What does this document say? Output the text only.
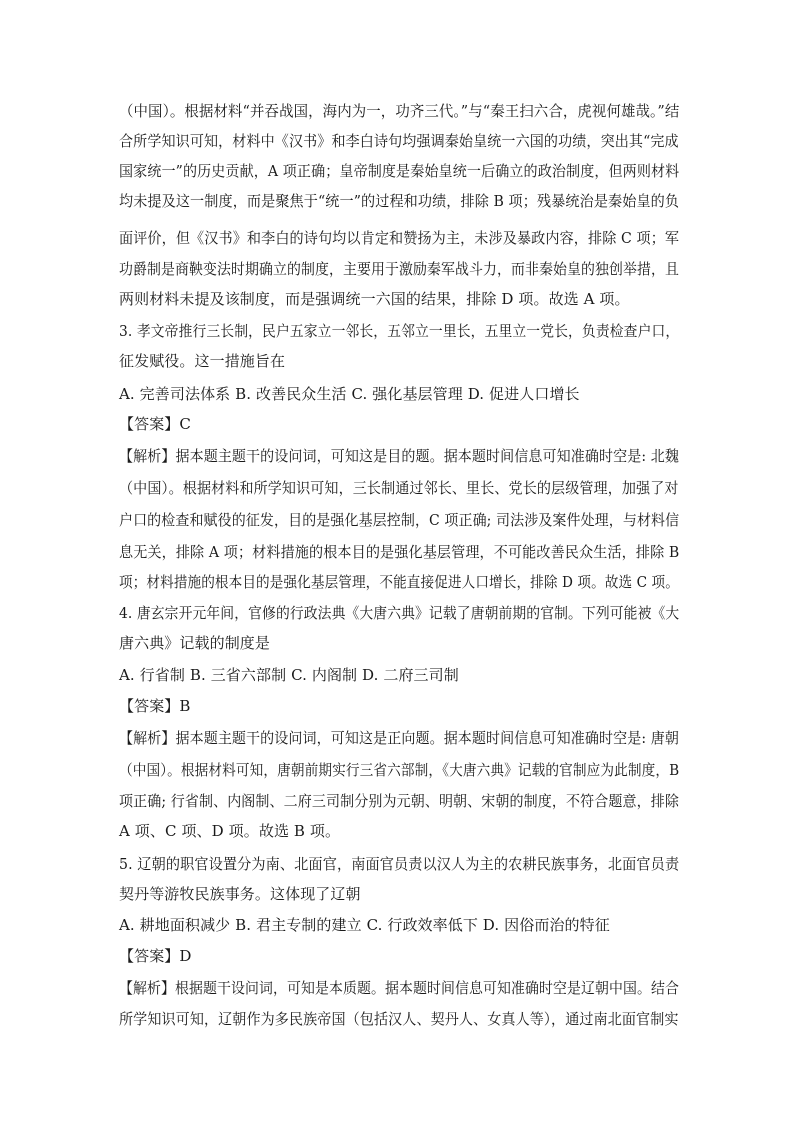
（中国）。根据材料“并吞战国，海内为一，功齐三代。”与“秦王扫六合，虎视何雄哉。”结
合所学知识可知，材料中《汉书》和李白诗句均强调秦始皇统一六国的功绩，突出其“完成
国家统一”的历史贡献，A 项正确；皇帝制度是秦始皇统一后确立的政治制度，但两则材料
均未提及这一制度，而是聚焦于“统一”的过程和功绩，排除 B 项；残暴统治是秦始皇的负
面评价，但《汉书》和李白的诗句均以肯定和赞扬为主，未涉及暴政内容，排除 C 项；军
功爵制是商鞅变法时期确立的制度，主要用于激励秦军战斗力，而非秦始皇的独创举措，且
两则材料未提及该制度，而是强调统一六国的结果，排除 D 项。故选 A 项。
3. 孝文帝推行三长制，民户五家立一邻长，五邻立一里长，五里立一党长，负责检查户口，
征发赋役。这一措施旨在
A. 完善司法体系 B. 改善民众生活 C. 强化基层管理 D. 促进人口增长
【答案】C
【解析】据本题主题干的设问词，可知这是目的题。据本题时间信息可知准确时空是: 北魏
（中国）。根据材料和所学知识可知，三长制通过邻长、里长、党长的层级管理，加强了对
户口的检查和赋役的征发，目的是强化基层控制，C 项正确; 司法涉及案件处理，与材料信
息无关，排除 A 项；材料措施的根本目的是强化基层管理，不可能改善民众生活，排除 B
项；材料措施的根本目的是强化基层管理，不能直接促进人口增长，排除 D 项。故选 C 项。
4. 唐玄宗开元年间，官修的行政法典《大唐六典》记载了唐朝前期的官制。下列可能被《大
唐六典》记载的制度是
A. 行省制 B. 三省六部制 C. 内阁制 D. 二府三司制
【答案】B
【解析】据本题主题干的设问词，可知这是正向题。据本题时间信息可知准确时空是: 唐朝
（中国）。根据材料可知，唐朝前期实行三省六部制，《大唐六典》记载的官制应为此制度，B
项正确; 行省制、内阁制、二府三司制分别为元朝、明朝、宋朝的制度，不符合题意，排除
A 项、C 项、D 项。故选 B 项。
5. 辽朝的职官设置分为南、北面官，南面官员责以汉人为主的农耕民族事务，北面官员责
契丹等游牧民族事务。这体现了辽朝
A. 耕地面积减少 B. 君主专制的建立 C. 行政效率低下 D. 因俗而治的特征
【答案】D
【解析】根据题干设问词，可知是本质题。据本题时间信息可知准确时空是辽朝中国。结合
所学知识可知，辽朝作为多民族帝国（包括汉人、契丹人、女真人等），通过南北面官制实
